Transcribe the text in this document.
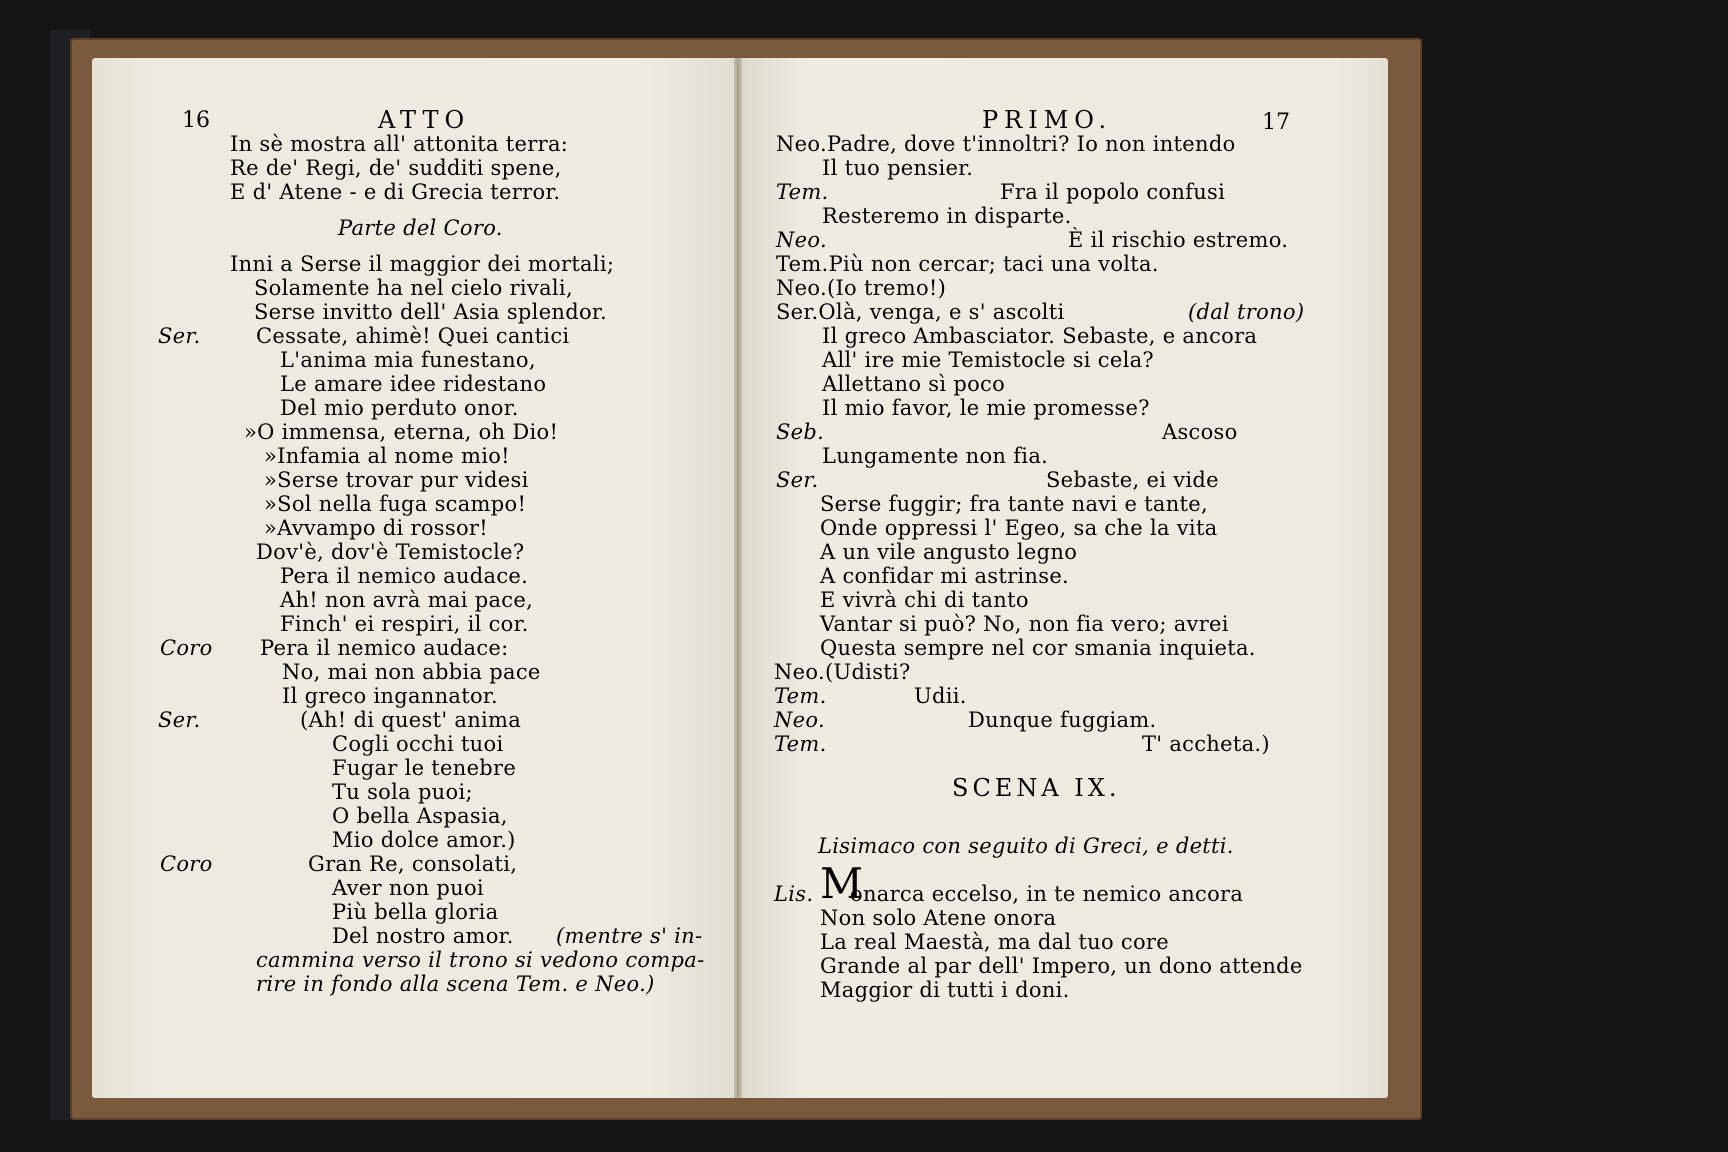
16	ATTO	17
PRIMO.
In sè mostra all' attonita terra:
Re de' Regi, de' sudditi spene,
E d' Atene - e di Grecia terror.
Parte del Coro.
Inni a Serse il maggior dei mortali;
Solamente ha nel cielo rivali,
Serse invitto dell' Asia splendor.
Ser.	Cessate, ahimè! Quei cantici
L'anima mia funestano,
Le amare idee ridestano
Del mio perduto onor.
»O immensa, eterna, oh Dio!
»Infamia al nome mio!
»Serse trovar pur videsi
»Sol nella fuga scampo!
»Avvampo di rossor!
Dov'è, dov'è Temistocle?
Pera il nemico audace.
Ah! non avrà mai pace,
Finch' ei respiri, il cor.
Coro Pera il nemico audace:
No, mai non abbia pace
Il greco ingannator.
Ser.	(Ah! di quest' anima
Cogli occhi tuoi
Fugar le tenebre
Tu sola puoi;
O bella Aspasia,
Mio dolce amor.)
Coro	Gran Re, consolati,
Aver non puoi
Più bella gloria
Del nostro amor. (mentre s' in-
cammina verso il trono si vedono compa-
rire in fondo alla scena Tem. e Neo.)
Neo.Padre, dove t'innoltri? Io non intendo
Il tuo pensier.
Tem.	Fra il popolo confusi
Resteremo in disparte.
Neo.	È il rischio estremo.
Tem.Più non cercar; taci una volta.
Neo.(Io tremo!)
Ser.Olà, venga, e s' ascolti	(dal trono)
Il greco Ambasciator. Sebaste, e ancora
All' ire mie Temistocle si cela?
Allettano sì poco
Il mio favor, le mie promesse?
Seb.	Ascoso
Lungamente non fia.
Ser.	Sebaste, ei vide
Serse fuggir; fra tante navi e tante,
Onde oppressi l' Egeo, sa che la vita
A un vile angusto legno
A confidar mi astrinse.
E vivrà chi di tanto
Vantar si può? No, non fia vero; avrei
Questa sempre nel cor smania inquieta.
Neo.(Udisti?
Tem.	Udii.
Neo.	Dunque fuggiam.
Tem.	T' accheta.)
SCENA IX.
Lisimaco con seguito di Greci, e detti.
Lis. M
onarca eccelso, in te nemico ancora
Non solo Atene onora
La real Maestà, ma dal tuo core
Grande al par dell' Impero, un dono attende
Maggior di tutti i doni.
